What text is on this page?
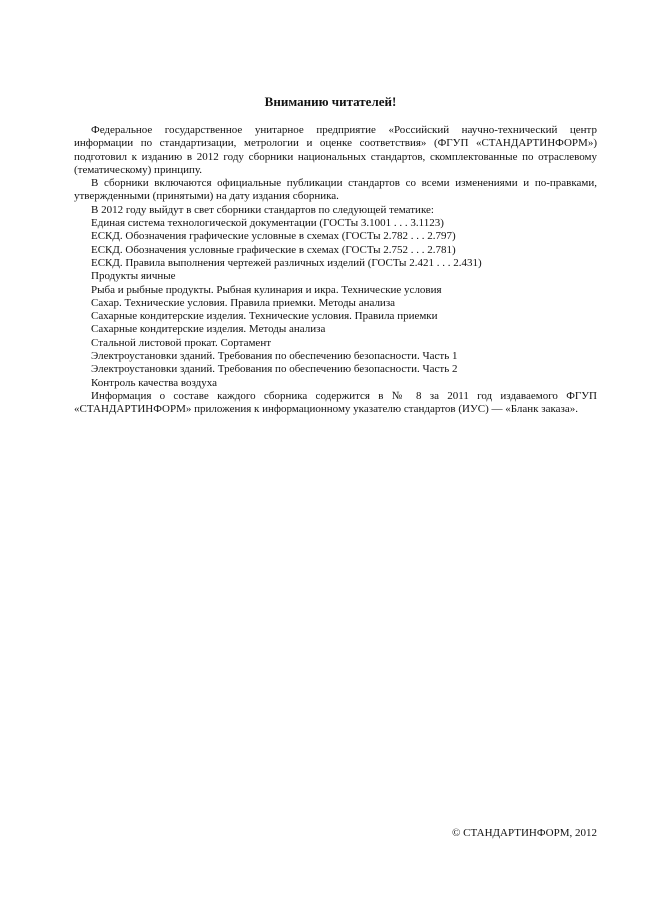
Вниманию читателей!

Федеральное государственное унитарное предприятие «Российский научно-технический центр информации по стандартизации, метрологии и оценке соответствия» (ФГУП «СТАНДАРТИНФОРМ») подготовил к изданию в 2012 году сборники национальных стандартов, скомплектованные по отраслевому (тематическому) принципу.

В сборники включаются официальные публикации стандартов со всеми изменениями и по-правками, утвержденными (принятыми) на дату издания сборника.

В 2012 году выйдут в свет сборники стандартов по следующей тематике:

Единая система технологической документации (ГОСТы 3.1001 . . . 3.1123)

ЕСКД. Обозначения графические условные в схемах (ГОСТы 2.782 . . . 2.797)

ЕСКД. Обозначения условные графические в схемах (ГОСТы 2.752 . . . 2.781)

ЕСКД. Правила выполнения чертежей различных изделий (ГОСТы 2.421 . . . 2.431)

Продукты яичные

Рыба и рыбные продукты. Рыбная кулинария и икра. Технические условия

Сахар. Технические условия. Правила приемки. Методы анализа

Сахарные кондитерские изделия. Технические условия. Правила приемки

Сахарные кондитерские изделия. Методы анализа

Стальной листовой прокат. Сортамент

Электроустановки зданий. Требования по обеспечению безопасности. Часть 1

Электроустановки зданий. Требования по обеспечению безопасности. Часть 2

Контроль качества воздуха

Информация о составе каждого сборника содержится в № 8 за 2011 год издаваемого ФГУП «СТАНДАРТИНФОРМ» приложения к информационному указателю стандартов (ИУС) — «Бланк заказа».

© СТАНДАРТИНФОРМ, 2012
